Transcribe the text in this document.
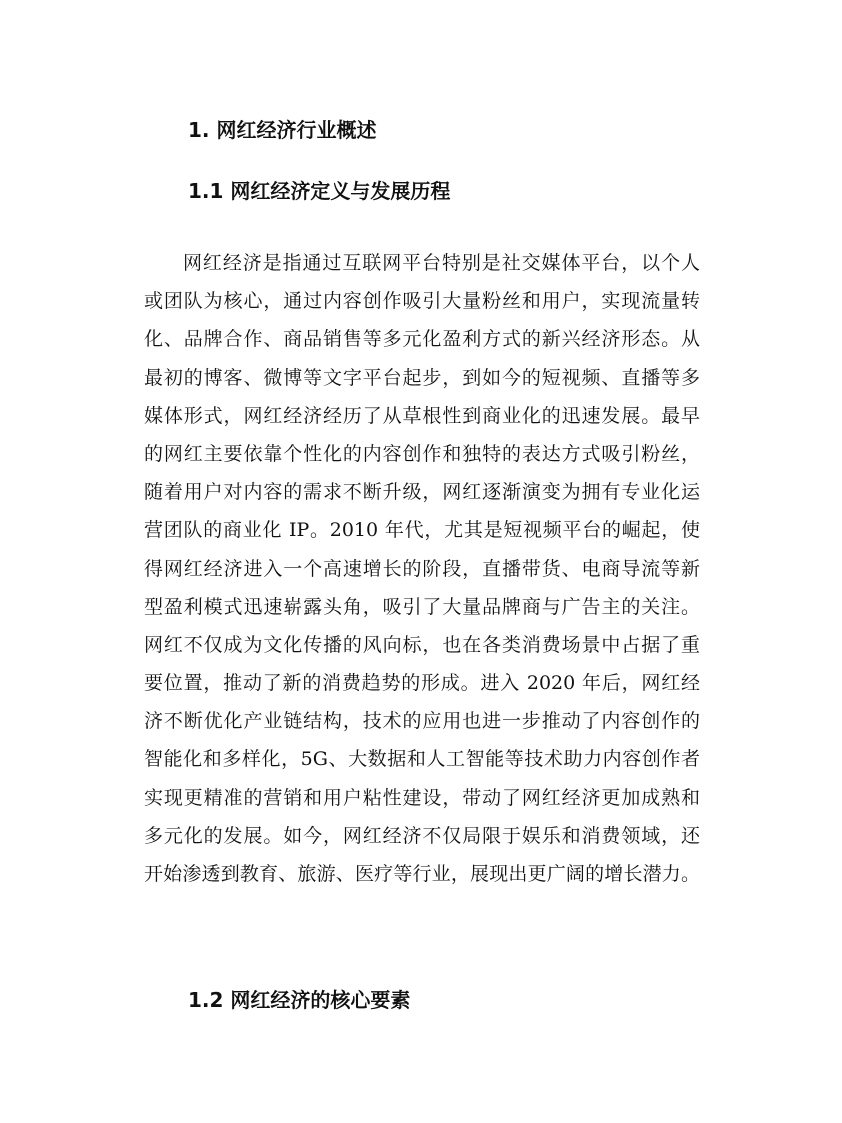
1. 网红经济行业概述
1.1 网红经济定义与发展历程
网红经济是指通过互联网平台特别是社交媒体平台，以个人
或团队为核心，通过内容创作吸引大量粉丝和用户，实现流量转
化、品牌合作、商品销售等多元化盈利方式的新兴经济形态。从
最初的博客、微博等文字平台起步，到如今的短视频、直播等多
媒体形式，网红经济经历了从草根性到商业化的迅速发展。最早
的网红主要依靠个性化的内容创作和独特的表达方式吸引粉丝，
随着用户对内容的需求不断升级，网红逐渐演变为拥有专业化运
营团队的商业化 IP。2010 年代，尤其是短视频平台的崛起，使
得网红经济进入一个高速增长的阶段，直播带货、电商导流等新
型盈利模式迅速崭露头角，吸引了大量品牌商与广告主的关注。
网红不仅成为文化传播的风向标，也在各类消费场景中占据了重
要位置，推动了新的消费趋势的形成。进入 2020 年后，网红经
济不断优化产业链结构，技术的应用也进一步推动了内容创作的
智能化和多样化，5G、大数据和人工智能等技术助力内容创作者
实现更精准的营销和用户粘性建设，带动了网红经济更加成熟和
多元化的发展。如今，网红经济不仅局限于娱乐和消费领域，还
开始渗透到教育、旅游、医疗等行业，展现出更广阔的增长潜力。
1.2 网红经济的核心要素
